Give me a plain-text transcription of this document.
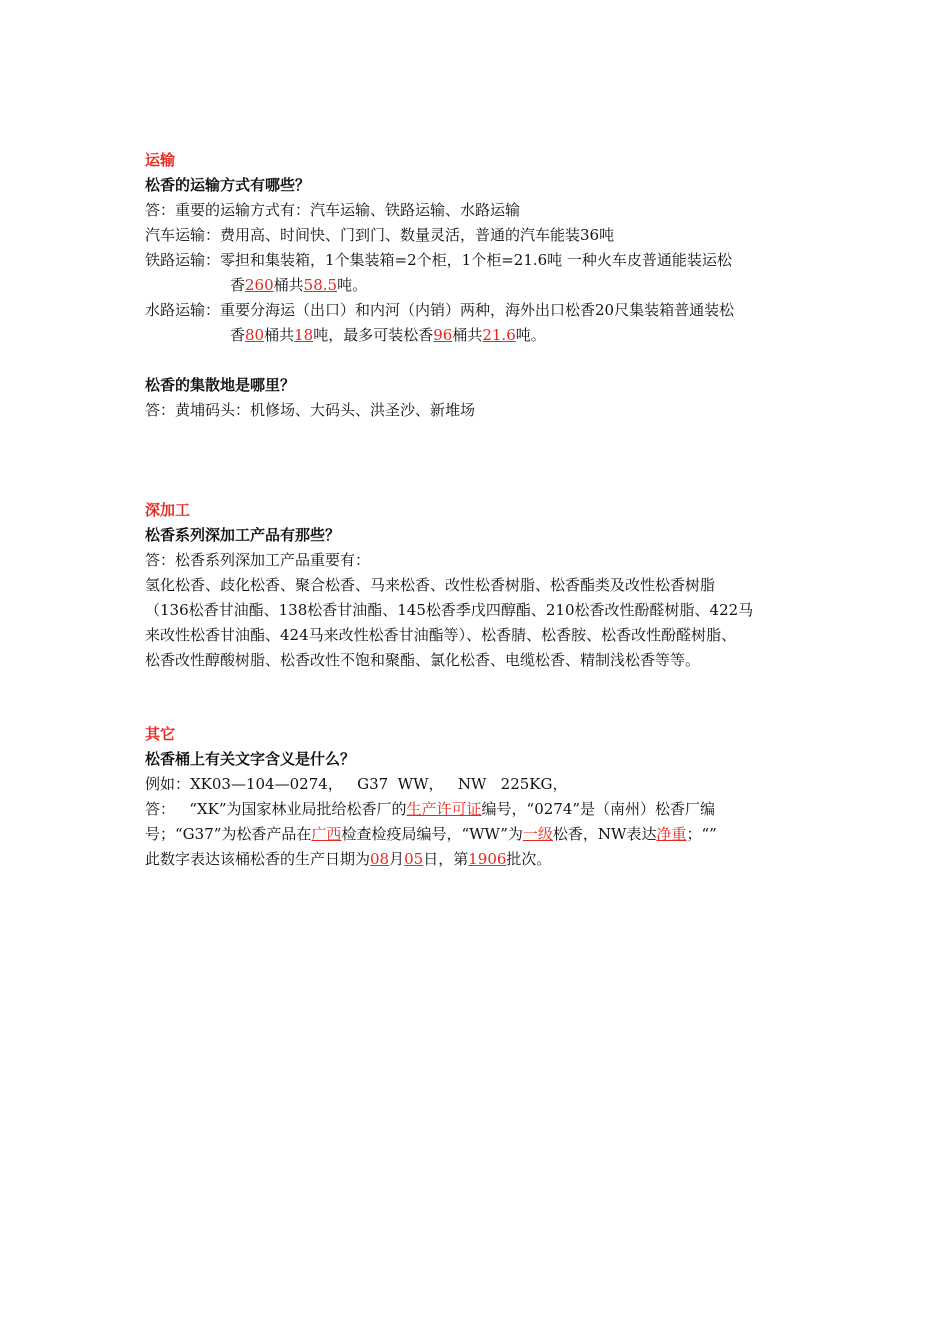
运输
松香的运输方式有哪些？
答：重要的运输方式有：汽车运输、铁路运输、水路运输
汽车运输：费用高、时间快、门到门、数量灵活，普通的汽车能装36吨
铁路运输：零担和集装箱，1个集装箱=2个柜，1个柜=21.6吨 一种火车皮普通能装运松
香260桶共58.5吨。
水路运输：重要分海运（出口）和内河（内销）两种，海外出口松香20尺集装箱普通装松
香80桶共18吨，最多可装松香96桶共21.6吨。
松香的集散地是哪里？
答：黄埔码头：机修场、大码头、洪圣沙、新堆场
深加工
松香系列深加工产品有那些？
答：松香系列深加工产品重要有：
氢化松香、歧化松香、聚合松香、马来松香、改性松香树脂、松香酯类及改性松香树脂
（136松香甘油酯、138松香甘油酯、145松香季戊四醇酯、210松香改性酚醛树脂、422马
来改性松香甘油酯、424马来改性松香甘油酯等）、松香腈、松香胺、松香改性酚醛树脂、
松香改性醇酸树脂、松香改性不饱和聚酯、氯化松香、电缆松香、精制浅松香等等。
其它
松香桶上有关文字含义是什么？
例如：XK03—104—0274，   G37  WW，   NW   225KG，
答：   “XK”为国家林业局批给松香厂的生产许可证编号，“0274”是（南州）松香厂编
号；“G37”为松香产品在广西检查检疫局编号，“WW”为一级松香，NW表达净重；“”
此数字表达该桶松香的生产日期为08月05日，第1906批次。
